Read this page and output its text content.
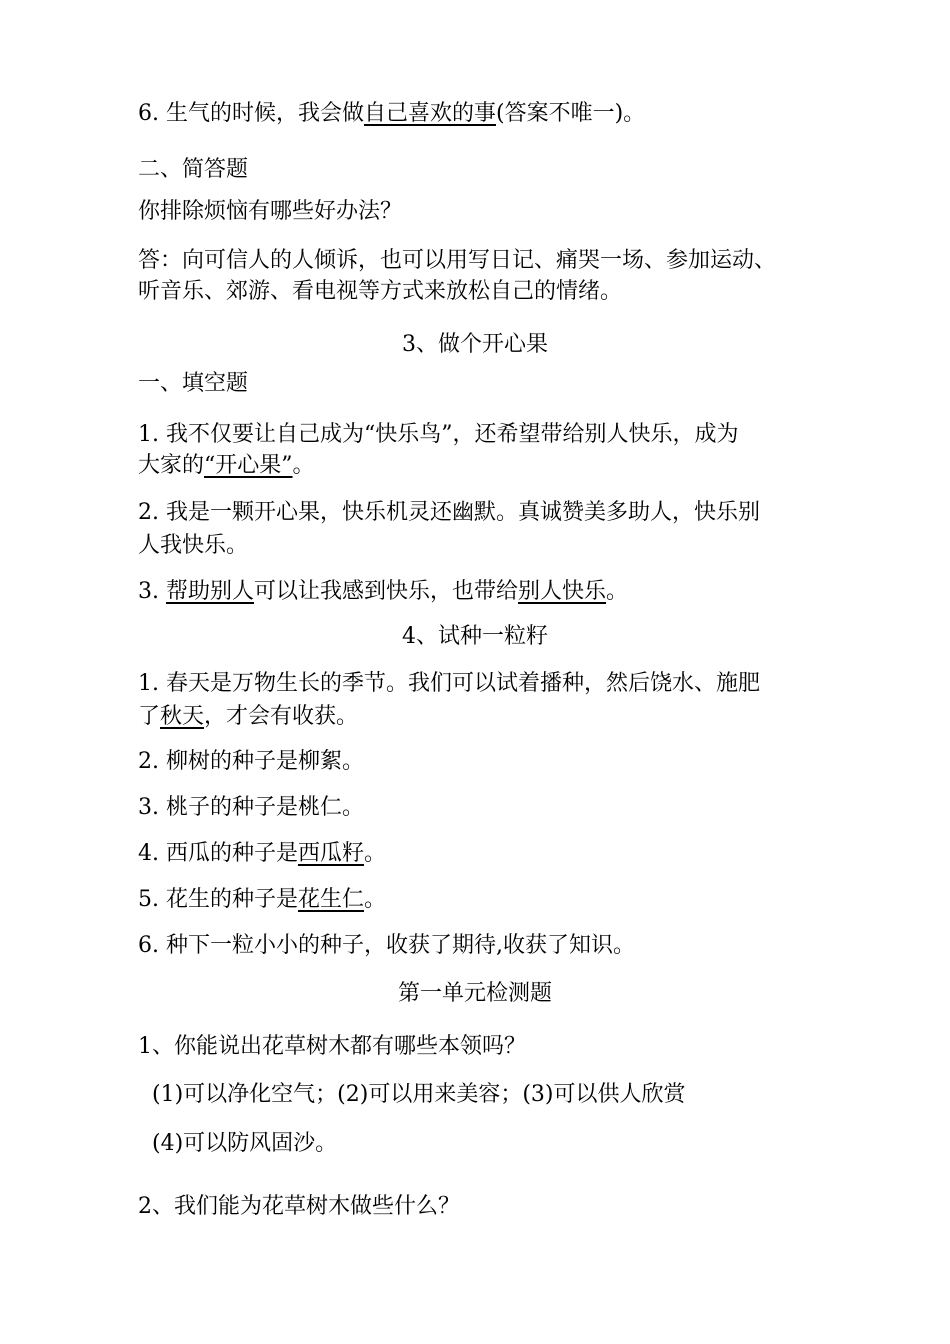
6. 生气的时候，我会做自己喜欢的事(答案不唯一)。
二、简答题
你排除烦恼有哪些好办法？
答：向可信人的人倾诉，也可以用写日记、痛哭一场、参加运动、
听音乐、郊游、看电视等方式来放松自己的情绪。
3、做个开心果
一、填空题
1. 我不仅要让自己成为“快乐鸟”，还希望带给别人快乐，成为
大家的“开心果”。
2. 我是一颗开心果，快乐机灵还幽默。真诚赞美多助人，快乐别
人我快乐。
3. 帮助别人可以让我感到快乐，也带给别人快乐。
4、试种一粒籽
1. 春天是万物生长的季节。我们可以试着播种，然后饶水、施肥
了秋天，才会有收获。
2. 柳树的种子是柳絮。
3. 桃子的种子是桃仁。
4. 西瓜的种子是西瓜籽。
5. 花生的种子是花生仁。
6. 种下一粒小小的种子，收获了期待,收获了知识。
第一单元检测题
1、你能说出花草树木都有哪些本领吗？
(1)可以净化空气；(2)可以用来美容；(3)可以供人欣赏
(4)可以防风固沙。
2、我们能为花草树木做些什么？
